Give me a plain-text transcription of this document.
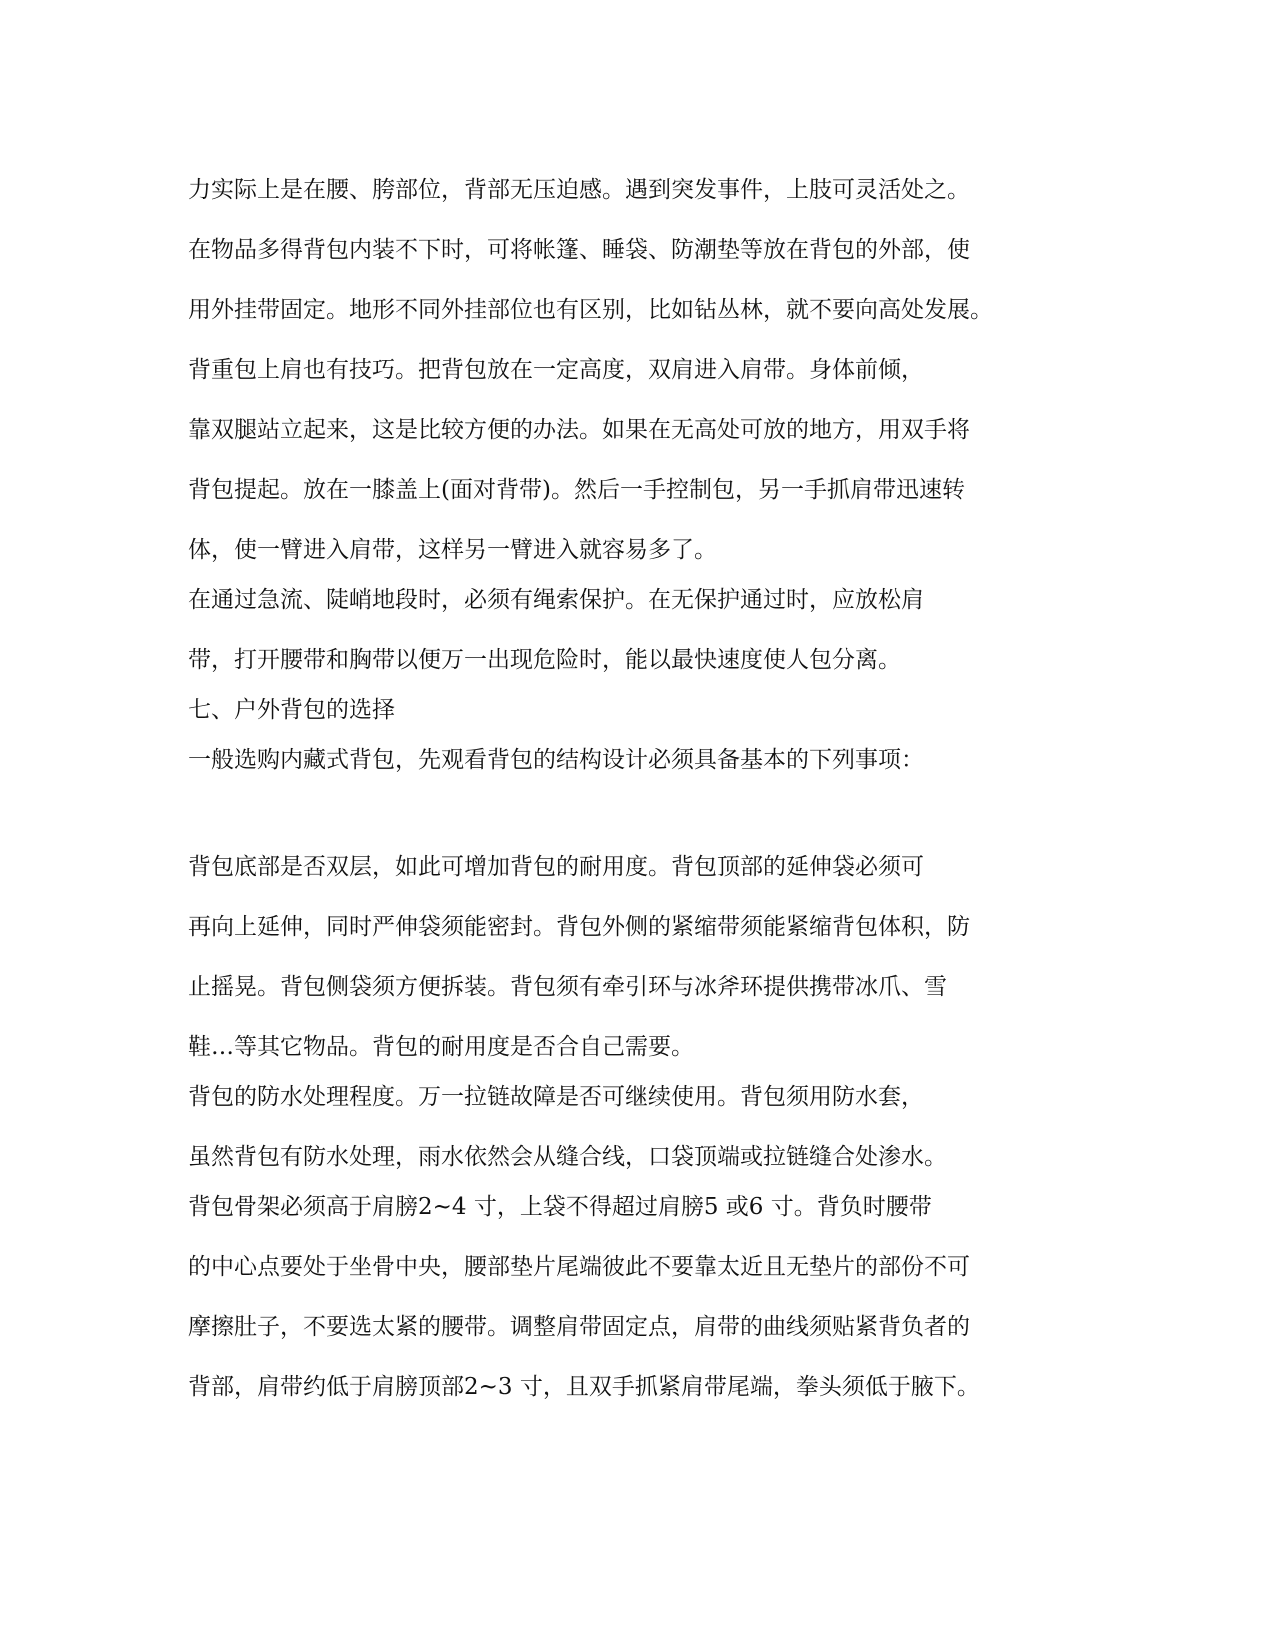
力实际上是在腰、胯部位，背部无压迫感。遇到突发事件，上肢可灵活处之。
在物品多得背包内装不下时，可将帐篷、睡袋、防潮垫等放在背包的外部，使
用外挂带固定。地形不同外挂部位也有区别，比如钻丛林，就不要向高处发展。
背重包上肩也有技巧。把背包放在一定高度，双肩进入肩带。身体前倾，
靠双腿站立起来，这是比较方便的办法。如果在无高处可放的地方，用双手将
背包提起。放在一膝盖上(面对背带)。然后一手控制包，另一手抓肩带迅速转
体，使一臂进入肩带，这样另一臂进入就容易多了。
在通过急流、陡峭地段时，必须有绳索保护。在无保护通过时，应放松肩
带，打开腰带和胸带以便万一出现危险时，能以最快速度使人包分离。
七、户外背包的选择
一般选购内藏式背包，先观看背包的结构设计必须具备基本的下列事项：
背包底部是否双层，如此可增加背包的耐用度。背包顶部的延伸袋必须可
再向上延伸，同时严伸袋须能密封。背包外侧的紧缩带须能紧缩背包体积，防
止摇晃。背包侧袋须方便拆装。背包须有牵引环与冰斧环提供携带冰爪、雪
鞋…等其它物品。背包的耐用度是否合自己需要。
背包的防水处理程度。万一拉链故障是否可继续使用。背包须用防水套，
虽然背包有防水处理，雨水依然会从缝合线，口袋顶端或拉链缝合处渗水。
背包骨架必须高于肩膀2~4 寸，上袋不得超过肩膀5 或6 寸。背负时腰带
的中心点要处于坐骨中央，腰部垫片尾端彼此不要靠太近且无垫片的部份不可
摩擦肚子，不要选太紧的腰带。调整肩带固定点，肩带的曲线须贴紧背负者的
背部，肩带约低于肩膀顶部2~3 寸，且双手抓紧肩带尾端，拳头须低于腋下。
